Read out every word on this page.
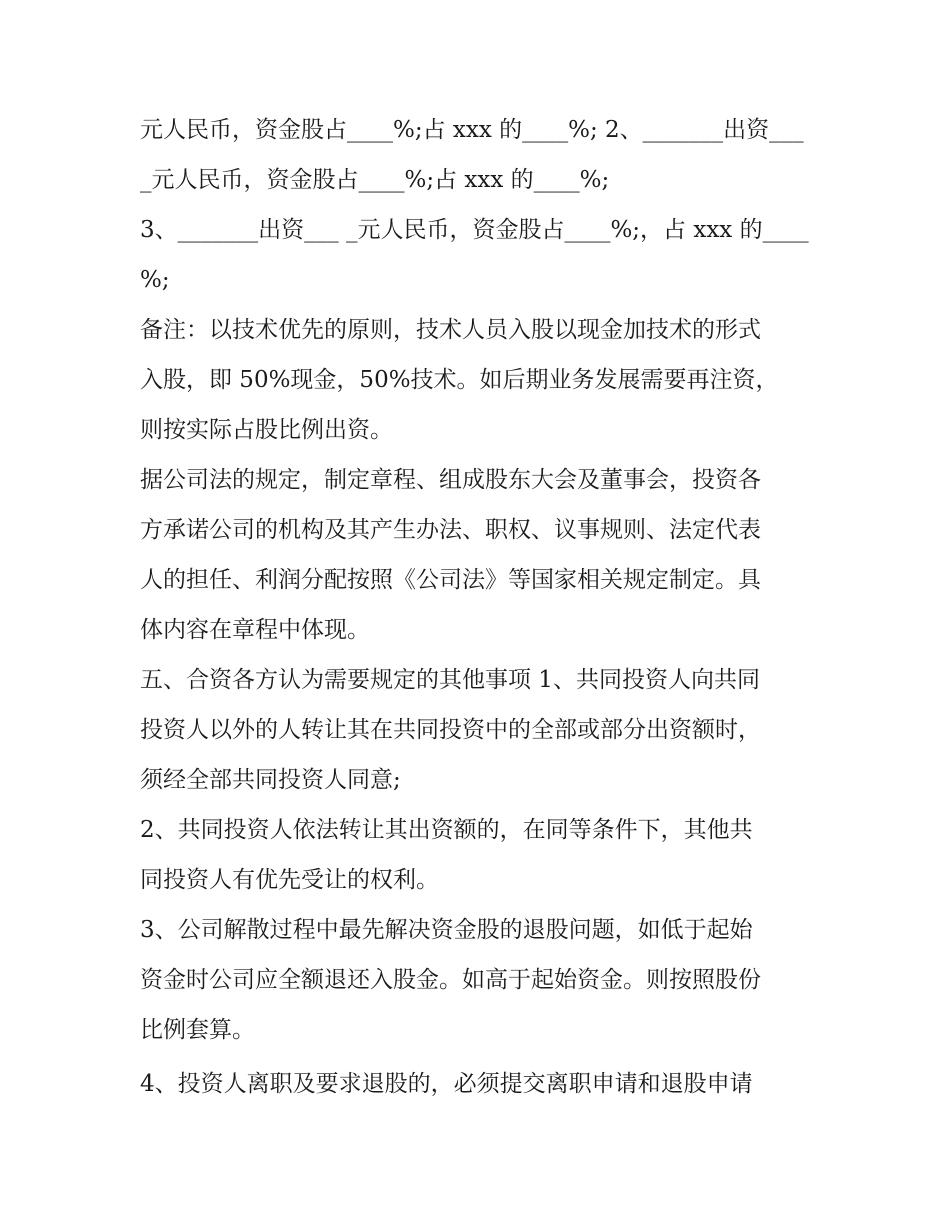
元人民币，资金股占____%;占 xxx 的____%; 2、_______出资___
_元人民币，资金股占____%;占 xxx 的____%;
3、_______出资___ _元人民币，资金股占____%;，占 xxx 的____
%;
备注：以技术优先的原则，技术人员入股以现金加技术的形式
入股，即 50%现金，50%技术。如后期业务发展需要再注资，
则按实际占股比例出资。
据公司法的规定，制定章程、组成股东大会及董事会，投资各
方承诺公司的机构及其产生办法、职权、议事规则、法定代表
人的担任、利润分配按照《公司法》等国家相关规定制定。具
体内容在章程中体现。
五、合资各方认为需要规定的其他事项 1、共同投资人向共同
投资人以外的人转让其在共同投资中的全部或部分出资额时，
须经全部共同投资人同意;
2、共同投资人依法转让其出资额的，在同等条件下，其他共
同投资人有优先受让的权利。
3、公司解散过程中最先解决资金股的退股问题，如低于起始
资金时公司应全额退还入股金。如高于起始资金。则按照股份
比例套算。
4、投资人离职及要求退股的，必须提交离职申请和退股申请
